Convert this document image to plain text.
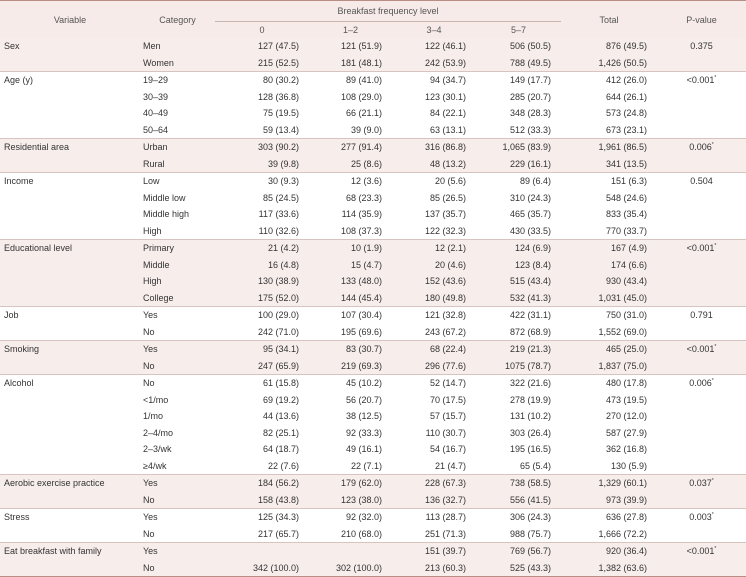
Variable	Category	Breakfast frequency level				Total	P-value
		0	1–2	3–4	5–7		
Sex	Men	127 (47.5)	121 (51.9)	122 (46.1)	506 (50.5)	876 (49.5)	0.375
	Women	215 (52.5)	181 (48.1)	242 (53.9)	788 (49.5)	1,426 (50.5)	
Age (y)	19–29	80 (30.2)	89 (41.0)	94 (34.7)	149 (17.7)	412 (26.0)	<0.001*
	30–39	128 (36.8)	108 (29.0)	123 (30.1)	285 (20.7)	644 (26.1)	
	40–49	75 (19.5)	66 (21.1)	84 (22.1)	348 (28.3)	573 (24.8)	
	50–64	59 (13.4)	39 (9.0)	63 (13.1)	512 (33.3)	673 (23.1)	
Residential area	Urban	303 (90.2)	277 (91.4)	316 (86.8)	1,065 (83.9)	1,961 (86.5)	0.006*
	Rural	39 (9.8)	25 (8.6)	48 (13.2)	229 (16.1)	341 (13.5)	
Income	Low	30 (9.3)	12 (3.6)	20 (5.6)	89 (6.4)	151 (6.3)	0.504
	Middle low	85 (24.5)	68 (23.3)	85 (26.5)	310 (24.3)	548 (24.6)	
	Middle high	117 (33.6)	114 (35.9)	137 (35.7)	465 (35.7)	833 (35.4)	
	High	110 (32.6)	108 (37.3)	122 (32.3)	430 (33.5)	770 (33.7)	
Educational level	Primary	21 (4.2)	10 (1.9)	12 (2.1)	124 (6.9)	167 (4.9)	<0.001*
	Middle	16 (4.8)	15 (4.7)	20 (4.6)	123 (8.4)	174 (6.6)	
	High	130 (38.9)	133 (48.0)	152 (43.6)	515 (43.4)	930 (43.4)	
	College	175 (52.0)	144 (45.4)	180 (49.8)	532 (41.3)	1,031 (45.0)	
Job	Yes	100 (29.0)	107 (30.4)	121 (32.8)	422 (31.1)	750 (31.0)	0.791
	No	242 (71.0)	195 (69.6)	243 (67.2)	872 (68.9)	1,552 (69.0)	
Smoking	Yes	95 (34.1)	83 (30.7)	68 (22.4)	219 (21.3)	465 (25.0)	<0.001*
	No	247 (65.9)	219 (69.3)	296 (77.6)	1075 (78.7)	1,837 (75.0)	
Alcohol	No	61 (15.8)	45 (10.2)	52 (14.7)	322 (21.6)	480 (17.8)	0.006*
	<1/mo	69 (19.2)	56 (20.7)	70 (17.5)	278 (19.9)	473 (19.5)	
	1/mo	44 (13.6)	38 (12.5)	57 (15.7)	131 (10.2)	270 (12.0)	
	2–4/mo	82 (25.1)	92 (33.3)	110 (30.7)	303 (26.4)	587 (27.9)	
	2–3/wk	64 (18.7)	49 (16.1)	54 (16.7)	195 (16.5)	362 (16.8)	
	≥4/wk	22 (7.6)	22 (7.1)	21 (4.7)	65 (5.4)	130 (5.9)	
Aerobic exercise practice	Yes	184 (56.2)	179 (62.0)	228 (67.3)	738 (58.5)	1,329 (60.1)	0.037*
	No	158 (43.8)	123 (38.0)	136 (32.7)	556 (41.5)	973 (39.9)	
Stress	Yes	125 (34.3)	92 (32.0)	113 (28.7)	306 (24.3)	636 (27.8)	0.003*
	No	217 (65.7)	210 (68.0)	251 (71.3)	988 (75.7)	1,666 (72.2)	
Eat breakfast with family	Yes			151 (39.7)	769 (56.7)	920 (36.4)	<0.001*
	No	342 (100.0)	302 (100.0)	213 (60.3)	525 (43.3)	1,382 (63.6)	
